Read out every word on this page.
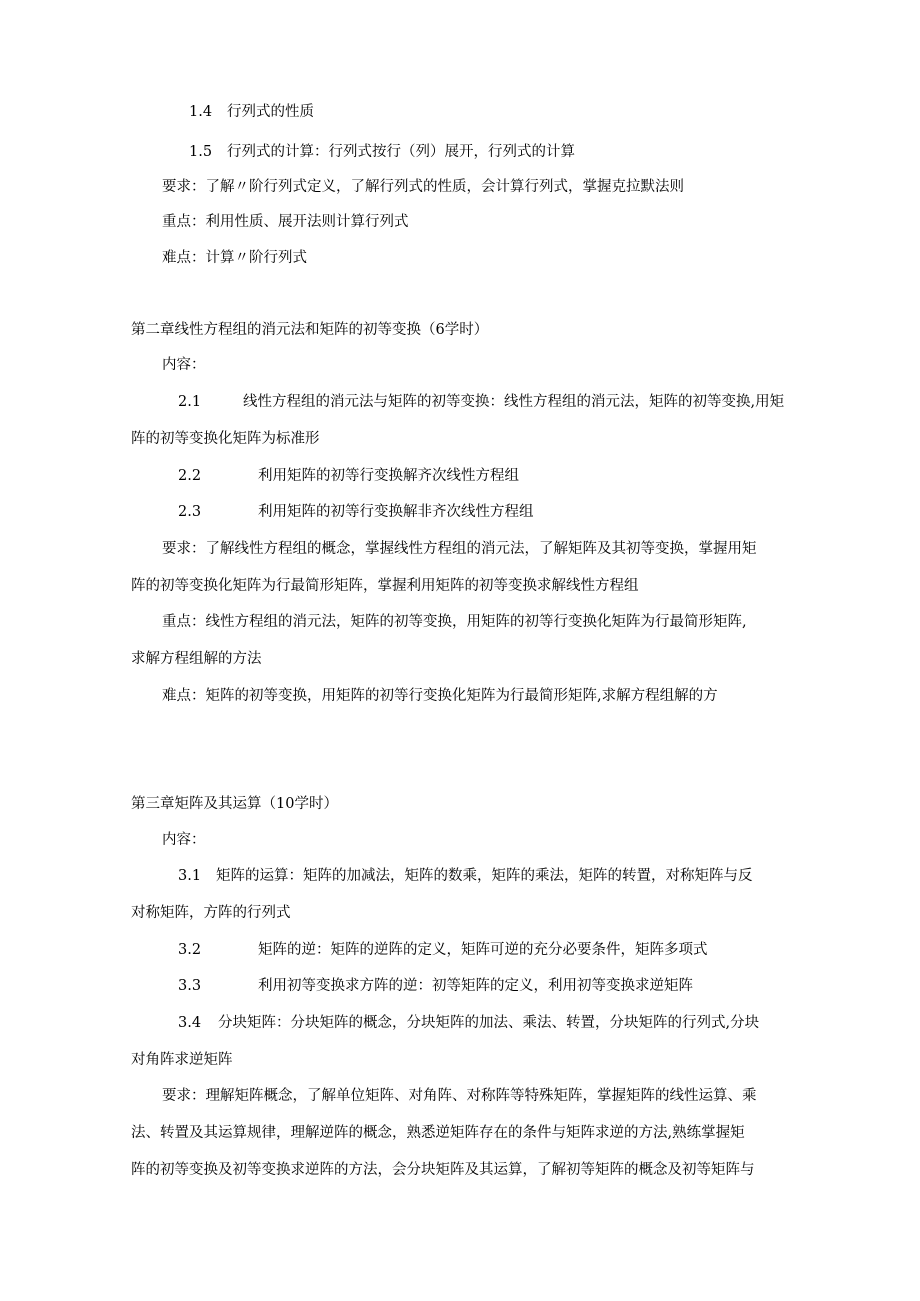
1.4 行列式的性质
1.5 行列式的计算：行列式按行（列）展开，行列式的计算
要求：了解〃阶行列式定义，了解行列式的性质，会计算行列式，掌握克拉默法则
重点：利用性质、展开法则计算行列式
难点：计算〃阶行列式
第二章线性方程组的消元法和矩阵的初等变换（6学时）
内容：
2.1	线性方程组的消元法与矩阵的初等变换：线性方程组的消元法，矩阵的初等变换,用矩
阵的初等变换化矩阵为标准形
2.2	利用矩阵的初等行变换解齐次线性方程组
2.3	利用矩阵的初等行变换解非齐次线性方程组
要求：了解线性方程组的概念，掌握线性方程组的消元法，了解矩阵及其初等变换，掌握用矩
阵的初等变换化矩阵为行最简形矩阵，掌握利用矩阵的初等变换求解线性方程组
重点：线性方程组的消元法，矩阵的初等变换，用矩阵的初等行变换化矩阵为行最简形矩阵,
求解方程组解的方法
难点：矩阵的初等变换，用矩阵的初等行变换化矩阵为行最简形矩阵,求解方程组解的方
第三章矩阵及其运算（10学时）
内容：
3.1 矩阵的运算：矩阵的加减法，矩阵的数乘，矩阵的乘法，矩阵的转置，对称矩阵与反
对称矩阵，方阵的行列式
3.2	矩阵的逆：矩阵的逆阵的定义，矩阵可逆的充分必要条件，矩阵多项式
3.3	利用初等变换求方阵的逆：初等矩阵的定义，利用初等变换求逆矩阵
3.4 分块矩阵：分块矩阵的概念，分块矩阵的加法、乘法、转置，分块矩阵的行列式,分块
对角阵求逆矩阵
要求：理解矩阵概念，了解单位矩阵、对角阵、对称阵等特殊矩阵，掌握矩阵的线性运算、乘
法、转置及其运算规律，理解逆阵的概念，熟悉逆矩阵存在的条件与矩阵求逆的方法,熟练掌握矩
阵的初等变换及初等变换求逆阵的方法，会分块矩阵及其运算，了解初等矩阵的概念及初等矩阵与
